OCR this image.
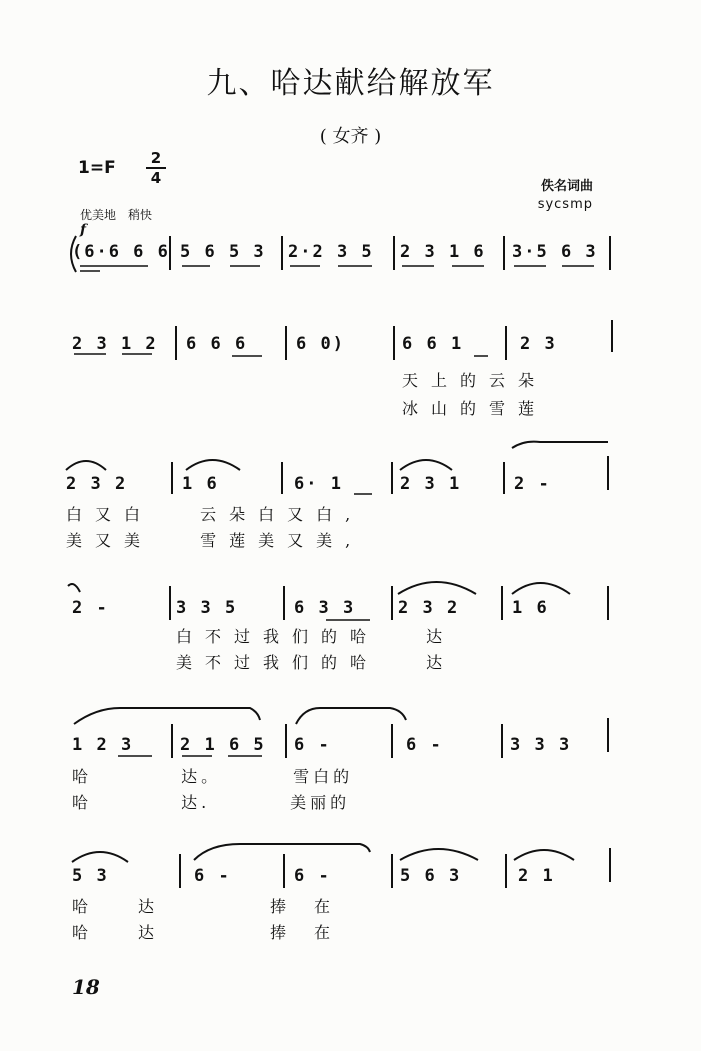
九、哈达献给解放军
( 女齐 )
1=F	2
4	佚名词曲
sycsmp
优美地　稍快
f
(6·6 6 6 5 6 5 3 2·2 3 5 2 3 1 6 3·5 6 3
2 3 1 2 6 6 6	6 0)	6 6 1	2 3
天上的云朵
冰山的雪莲
2 3 2	1 6	6· 1	2 3 1	2 -
白又白　 云朵白又白,
美又美　 雪莲美又美,
2 -	3 3 5	6 3 3	2 3 2	1 6
白不过我们的哈　 达
美不过我们的哈　 达
1 2 3	2 1 6 5 6 -	6 -	3 3 3
哈　　　　 达。　　　　雪白的
哈　　　　 达.　　　　美丽的
5 3	6 -	6 -	5 6 3	2 1
哈　　达　　　　　捧　在
哈　　达　　　　　捧　在
18
